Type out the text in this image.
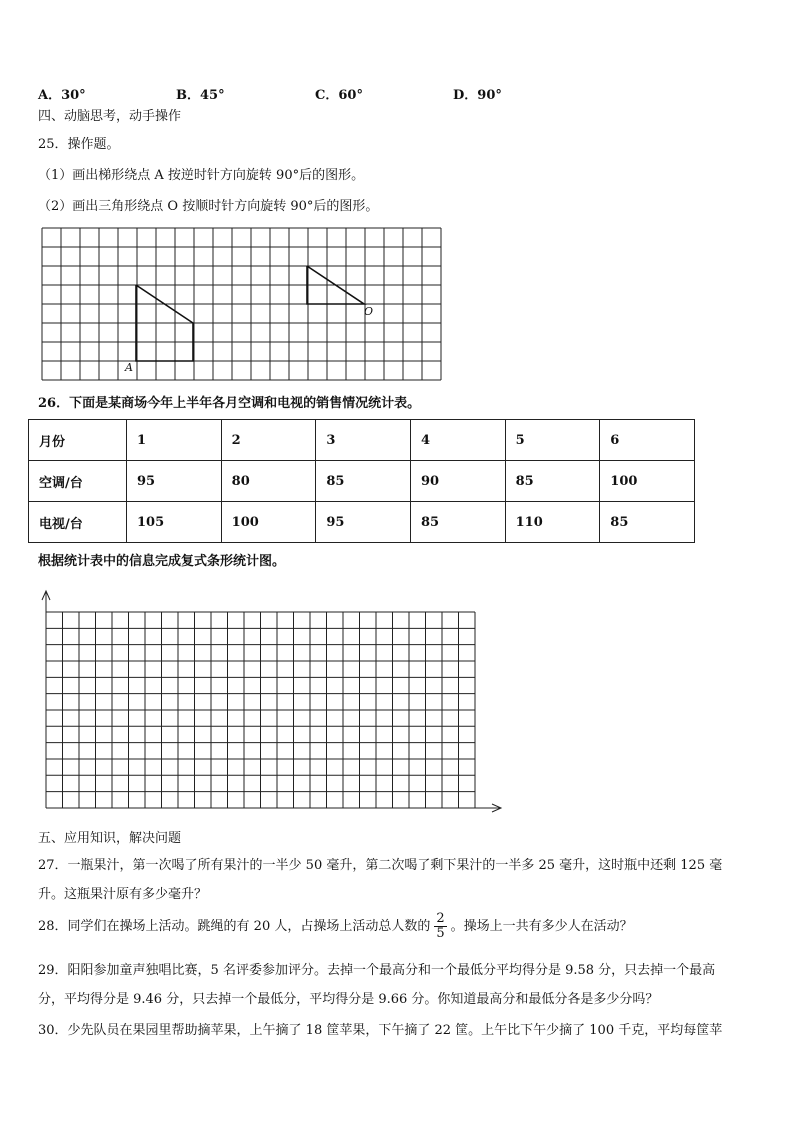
A．30°	B．45°	C．60°	D．90°
四、动脑思考，动手操作
25．操作题。
（1）画出梯形绕点 A 按逆时针方向旋转 90°后的图形。
（2）画出三角形绕点 O 按顺时针方向旋转 90°后的图形。
A
O
26．下面是某商场今年上半年各月空调和电视的销售情况统计表。
月份	1	2	3	4	5	6
空调/台	95	80	85	90	85	100
电视/台	105	100	95	85	110	85
根据统计表中的信息完成复式条形统计图。
五、应用知识，解决问题
27．一瓶果汁，第一次喝了所有果汁的一半少 50 毫升，第二次喝了剩下果汁的一半多 25 毫升，这时瓶中还剩 125 毫
升。这瓶果汁原有多少毫升？
28．同学们在操场上活动。跳绳的有 20 人，占操场上活动总人数的 $\frac{2}{5}$ 。操场上一共有多少人在活动？
29．阳阳参加童声独唱比赛，5 名评委参加评分。去掉一个最高分和一个最低分平均得分是 9.58 分，只去掉一个最高
分，平均得分是 9.46 分，只去掉一个最低分，平均得分是 9.66 分。你知道最高分和最低分各是多少分吗？
30．少先队员在果园里帮助摘苹果，上午摘了 18 筐苹果，下午摘了 22 筐。上午比下午少摘了 100 千克，平均每筐苹
